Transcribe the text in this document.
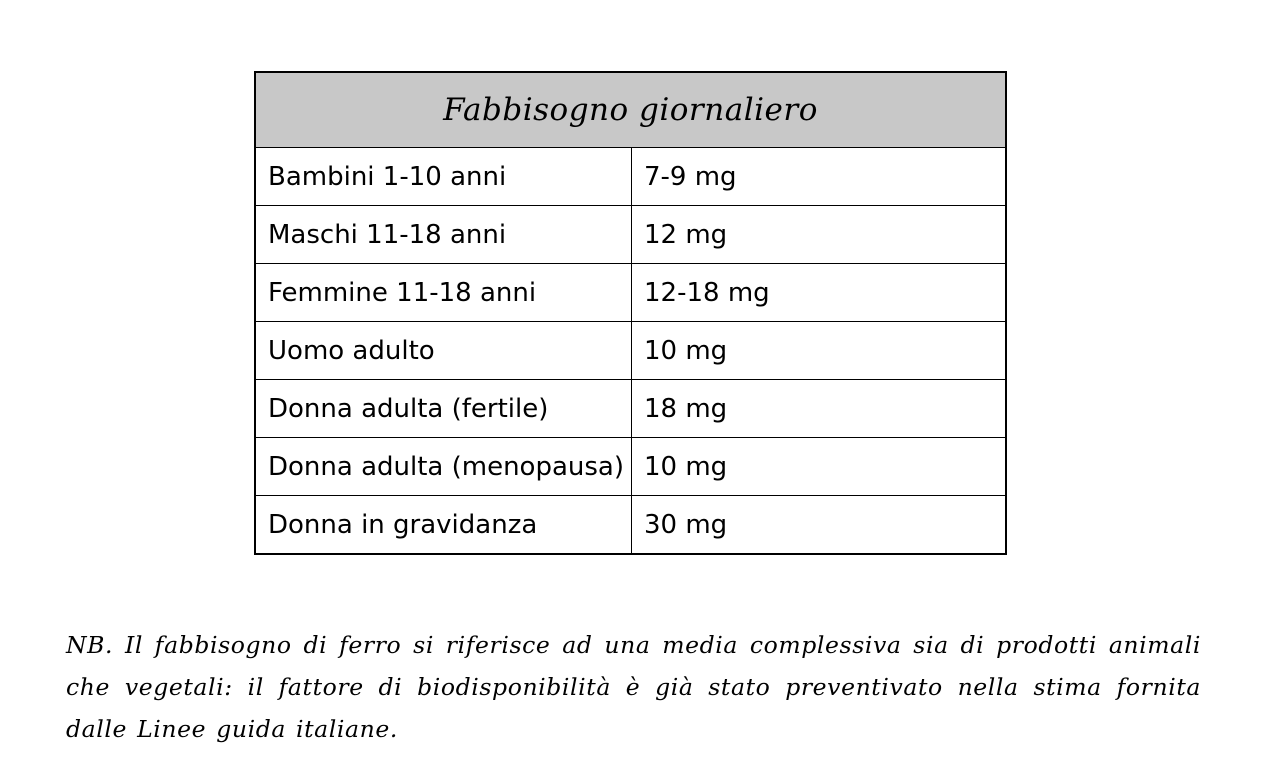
Fabbisogno giornaliero	
Bambini 1-10 anni	7-9 mg
Maschi 11-18 anni	12 mg
Femmine 11-18 anni	12-18 mg
Uomo adulto	10 mg
Donna adulta (fertile)	18 mg
Donna adulta (menopausa)	10 mg
Donna in gravidanza	30 mg

NB. Il fabbisogno di ferro si riferisce ad una media complessiva sia di prodotti animali che vegetali: il fattore di biodisponibilità è già stato preventivato nella stima fornita dalle Linee guida italiane.
